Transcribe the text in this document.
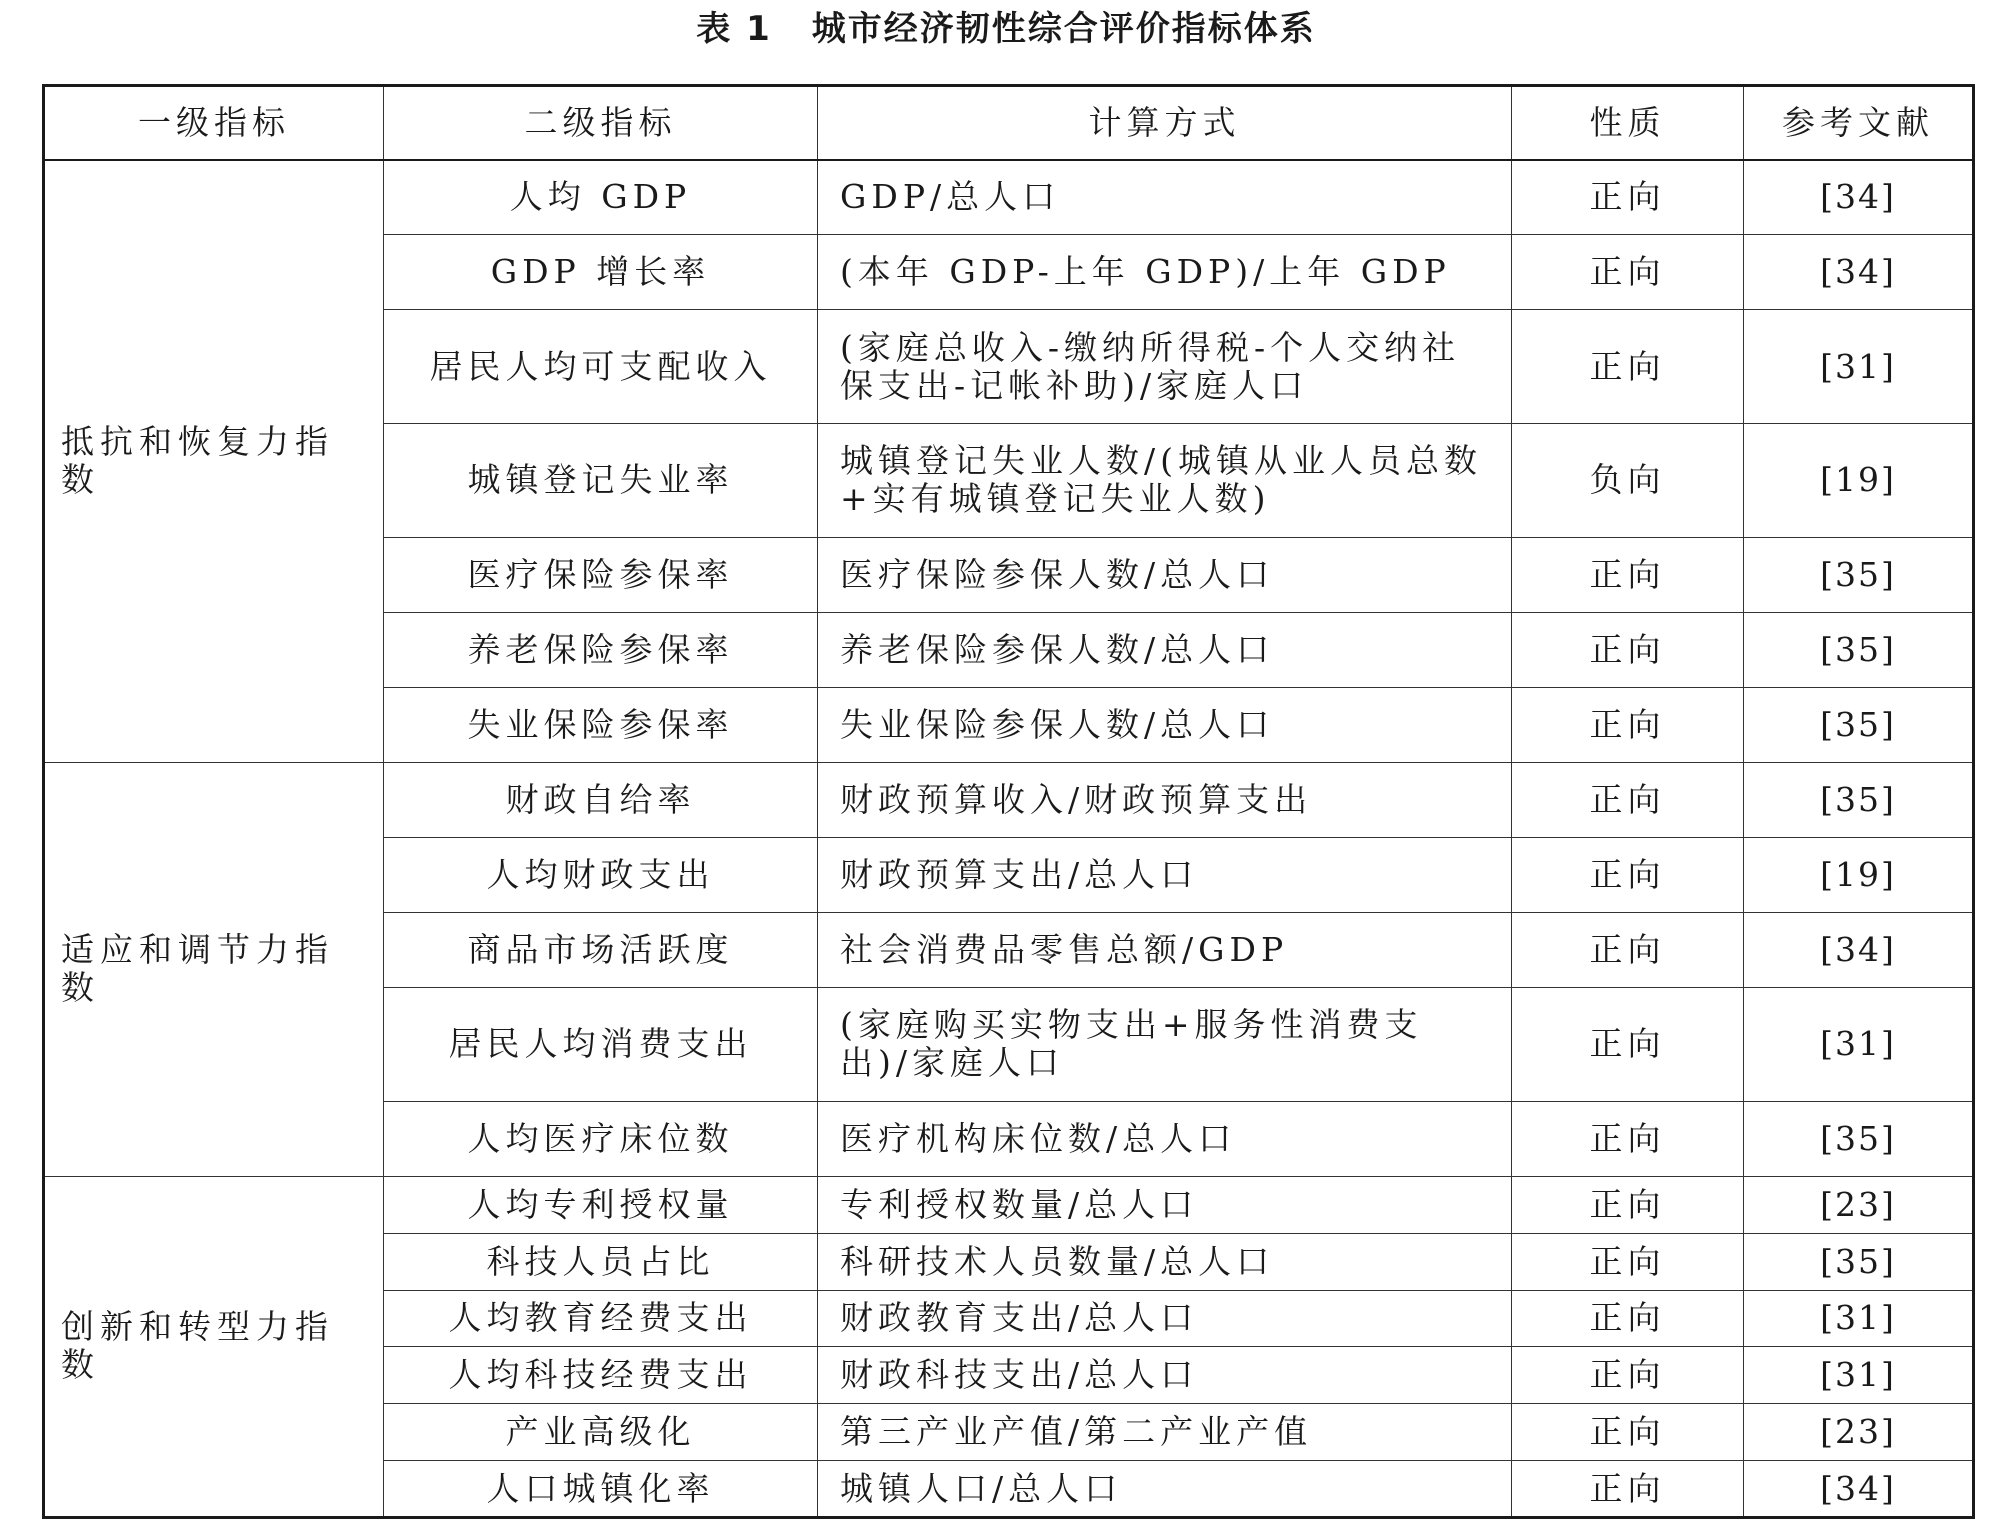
表 1 城市经济韧性综合评价指标体系
一级指标	二级指标	计算方式	性质	参考文献
抵抗和恢复力指数	人均 GDP	GDP/总人口	正向	[34]
	GDP 增长率	(本年 GDP-上年 GDP)/上年 GDP	正向	[34]
	居民人均可支配收入	(家庭总收入-缴纳所得税-个人交纳社保支出-记帐补助)/家庭人口	正向	[31]
	城镇登记失业率	城镇登记失业人数/(城镇从业人员总数+实有城镇登记失业人数)	负向	[19]
	医疗保险参保率	医疗保险参保人数/总人口	正向	[35]
	养老保险参保率	养老保险参保人数/总人口	正向	[35]
	失业保险参保率	失业保险参保人数/总人口	正向	[35]
适应和调节力指数	财政自给率	财政预算收入/财政预算支出	正向	[35]
	人均财政支出	财政预算支出/总人口	正向	[19]
	商品市场活跃度	社会消费品零售总额/GDP	正向	[34]
	居民人均消费支出	(家庭购买实物支出+服务性消费支出)/家庭人口	正向	[31]
	人均医疗床位数	医疗机构床位数/总人口	正向	[35]
创新和转型力指数	人均专利授权量	专利授权数量/总人口	正向	[23]
	科技人员占比	科研技术人员数量/总人口	正向	[35]
	人均教育经费支出	财政教育支出/总人口	正向	[31]
	人均科技经费支出	财政科技支出/总人口	正向	[31]
	产业高级化	第三产业产值/第二产业产值	正向	[23]
	人口城镇化率	城镇人口/总人口	正向	[34]
